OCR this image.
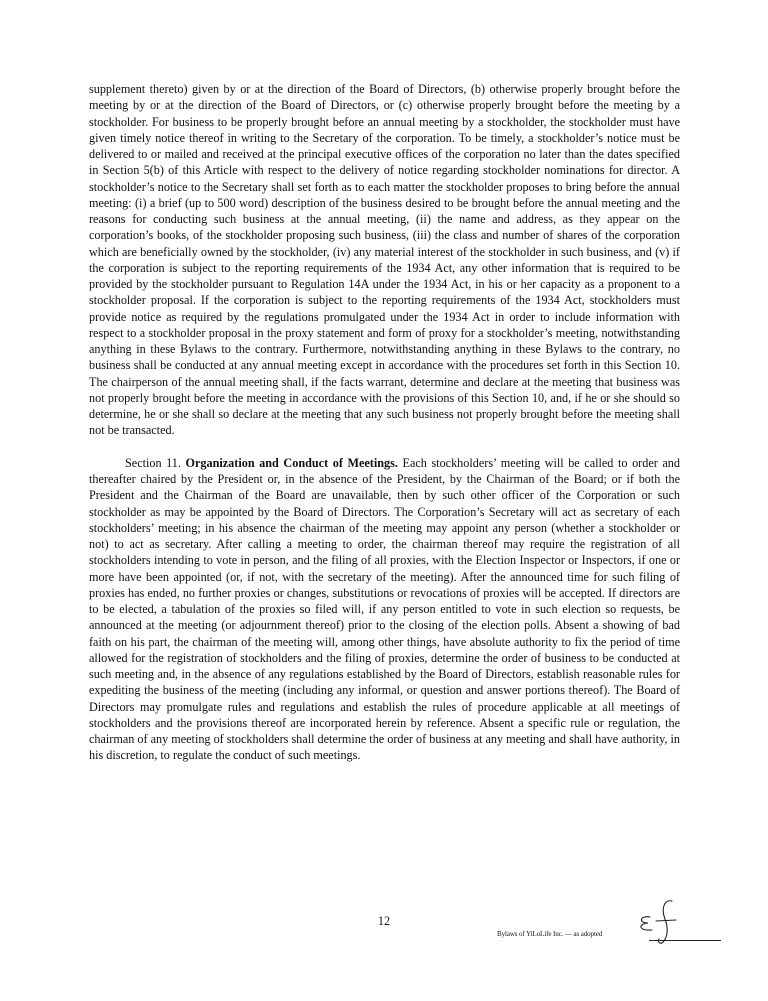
supplement thereto) given by or at the direction of the Board of Directors, (b) otherwise properly brought before the meeting by or at the direction of the Board of Directors, or (c) otherwise properly brought before the meeting by a stockholder. For business to be properly brought before an annual meeting by a stockholder, the stockholder must have given timely notice thereof in writing to the Secretary of the corporation. To be timely, a stockholder’s notice must be delivered to or mailed and received at the principal executive offices of the corporation no later than the dates specified in Section 5(b) of this Article with respect to the delivery of notice regarding stockholder nominations for director. A stockholder’s notice to the Secretary shall set forth as to each matter the stockholder proposes to bring before the annual meeting: (i) a brief (up to 500 word) description of the business desired to be brought before the annual meeting and the reasons for conducting such business at the annual meeting, (ii) the name and address, as they appear on the corporation’s books, of the stockholder proposing such business, (iii) the class and number of shares of the corporation which are beneficially owned by the stockholder, (iv) any material interest of the stockholder in such business, and (v) if the corporation is subject to the reporting requirements of the 1934 Act, any other information that is required to be provided by the stockholder pursuant to Regulation 14A under the 1934 Act, in his or her capacity as a proponent to a stockholder proposal. If the corporation is subject to the reporting requirements of the 1934 Act, stockholders must provide notice as required by the regulations promulgated under the 1934 Act in order to include information with respect to a stockholder proposal in the proxy statement and form of proxy for a stockholder’s meeting, notwithstanding anything in these Bylaws to the contrary. Furthermore, notwithstanding anything in these Bylaws to the contrary, no business shall be conducted at any annual meeting except in accordance with the procedures set forth in this Section 10. The chairperson of the annual meeting shall, if the facts warrant, determine and declare at the meeting that business was not properly brought before the meeting in accordance with the provisions of this Section 10, and, if he or she should so determine, he or she shall so declare at the meeting that any such business not properly brought before the meeting shall not be transacted.

Section 11. Organization and Conduct of Meetings. Each stockholders’ meeting will be called to order and thereafter chaired by the President or, in the absence of the President, by the Chairman of the Board; or if both the President and the Chairman of the Board are unavailable, then by such other officer of the Corporation or such stockholder as may be appointed by the Board of Directors. The Corporation’s Secretary will act as secretary of each stockholders’ meeting; in his absence the chairman of the meeting may appoint any person (whether a stockholder or not) to act as secretary. After calling a meeting to order, the chairman thereof may require the registration of all stockholders intending to vote in person, and the filing of all proxies, with the Election Inspector or Inspectors, if one or more have been appointed (or, if not, with the secretary of the meeting). After the announced time for such filing of proxies has ended, no further proxies or changes, substitutions or revocations of proxies will be accepted. If directors are to be elected, a tabulation of the proxies so filed will, if any person entitled to vote in such election so requests, be announced at the meeting (or adjournment thereof) prior to the closing of the election polls. Absent a showing of bad faith on his part, the chairman of the meeting will, among other things, have absolute authority to fix the period of time allowed for the registration of stockholders and the filing of proxies, determine the order of business to be conducted at such meeting and, in the absence of any regulations established by the Board of Directors, establish reasonable rules for expediting the business of the meeting (including any informal, or question and answer portions thereof). The Board of Directors may promulgate rules and regulations and establish the rules of procedure applicable at all meetings of stockholders and the provisions thereof are incorporated herein by reference. Absent a specific rule or regulation, the chairman of any meeting of stockholders shall determine the order of business at any meeting and shall have authority, in his discretion, to regulate the conduct of such meetings.

12
Bylaws of YiLoLife Inc. — as adopted
